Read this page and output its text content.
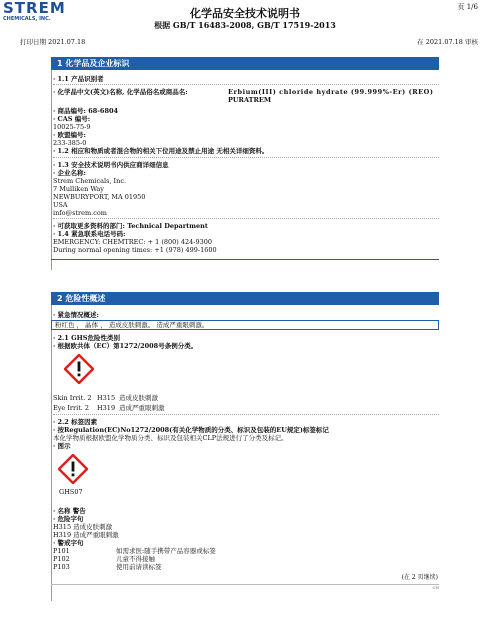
STREM
CHEMICALS, INC.	化学品安全技术说明书
根据 GB/T 16483-2008, GB/T 17519-2013
页 1/6
打印日期 2021.07.18	在 2021.07.18 审核
1 化学品及企业标识
· 1.1 产品识别者
· 化学品中文(英文)名称, 化学品俗名或商品名:	Erbium(III) chloride hydrate (99.999%-Er) (REO)
PURATREM
· 商品编号: 68-6804
· CAS 编号:
10025-75-9
· 欧盟编号:
233-385-0
· 1.2 相应和物质或者混合物的相关下位用途及禁止用途 无相关详细资料。
· 1.3 安全技术说明书内供应商详细信息
· 企业名称:
Strem Chemicals, Inc.
7 Mulliken Way
NEWBURYPORT, MA 01950
USA
info@strem.com
· 可获取更多资料的部门: Technical Department
· 1.4 紧急联系电话号码:
EMERGENCY: CHEMTREC: + 1 (800) 424-9300
During normal opening times: +1 (978) 499-1600
2 危险性概述
· 紧急情况概述:
粉红色 ， 晶体 ， 造成皮肤刺激。 造成严重眼刺激。
· 2.1 GHS危险性类别
· 根据欧共体（EC）第1272/2008号条例分类。
Skin Irrit. 2 H315 造成皮肤刺激
Eye Irrit. 2 H319 造成严重眼刺激
· 2.2 标签因素
· 按Regulation(EC)No1272/2008(有关化学物质的分类、标识及包装的EU规定)标签标记
本化学物质根据欧盟化学物质分类、标识及包装相关CLP法规进行了分类及标记。
· 图示
GHS07
· 名称 警告
· 危险字句
H315 造成皮肤刺激
H319 造成严重眼刺激
· 警戒字句
P101	如需求医:随手携带产品容器或标签
P102	儿童不得接触
P103	使用前请读标签
(在 2 页继续)
CN
